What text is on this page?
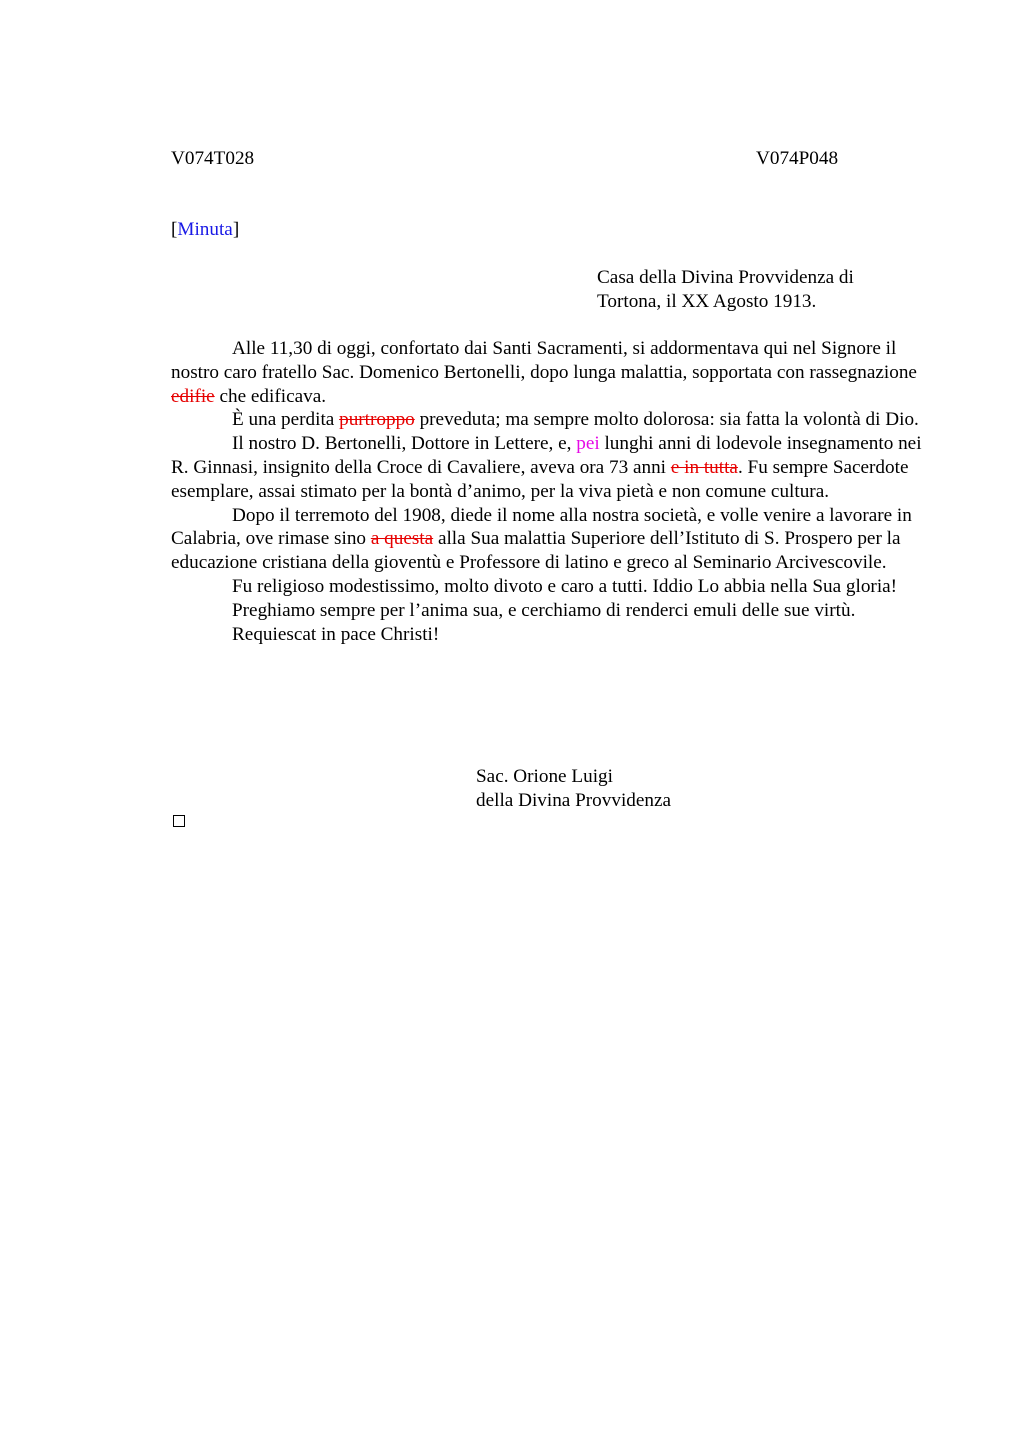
V074T028	V074P048
[Minuta]
Casa della Divina Provvidenza di
Tortona, il XX Agosto 1913.

Alle 11,30 di oggi, confortato dai Santi Sacramenti, si addormentava qui nel Signore il nostro caro fratello Sac. Domenico Bertonelli, dopo lunga malattia, sopportata con rassegnazione edifie che edificava.

È una perdita purtroppo preveduta; ma sempre molto dolorosa: sia fatta la volontà di Dio.

Il nostro D. Bertonelli, Dottore in Lettere, e, pei lunghi anni di lodevole insegnamento nei R. Ginnasi, insignito della Croce di Cavaliere, aveva ora 73 anni e in tutta. Fu sempre Sacerdote esemplare, assai stimato per la bontà d’animo, per la viva pietà e non comune cultura.

Dopo il terremoto del 1908, diede il nome alla nostra società, e volle venire a lavorare in Calabria, ove rimase sino a questa alla Sua malattia Superiore dell’Istituto di S. Prospero per la educazione cristiana della gioventù e Professore di latino e greco al Seminario Arcivescovile.

Fu religioso modestissimo, molto divoto e caro a tutti. Iddio Lo abbia nella Sua gloria!

Preghiamo sempre per l’anima sua, e cerchiamo di renderci emuli delle sue virtù.

Requiescat in pace Christi!

Sac. Orione Luigi
della Divina Provvidenza
